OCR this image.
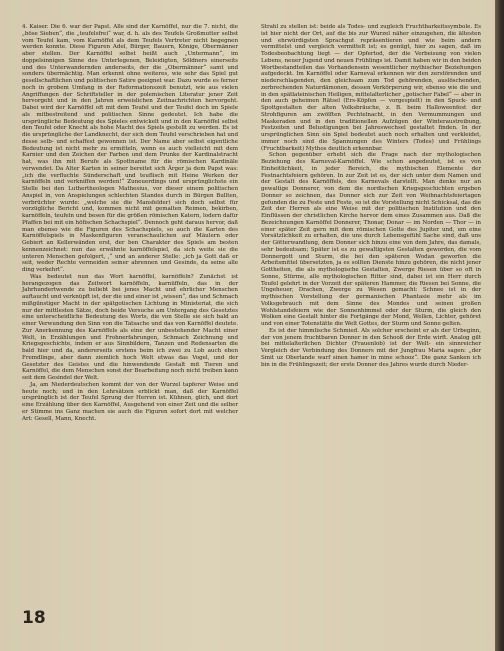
4. Kaiser. Die 6. war der Papst. Alle sind der Karnöffel, nur die 7. nicht, die „böse Sieben“, die „teufelsfrei“ war, d. h. als des Teufels Großmutter selbst vom Teufel kam, vom Karnöffel als dem Teufels Vertreter nicht begegnen werden konnte. Diese Figuren Adel, Bürger, Bauern, Könige, Obermänner aber stellen. Der Karnöffel selbst heißt auch „Untermann“, im doppelsinnigen Sinne des Unterlegenen, Beleidigten, Söldners einerseits und des Unterwandernden anderseits, der die „Obermänner“ samt und sonders übermächtig. Man erkennt ohne weiteres, wie sehr das Spiel gut gesellschaftlichen und politischen Satire geeignet war. Dazu wurde es ferner noch in grobem Umfang in der Reformationszeit benutzt, wie aus vielen Angriffungen der Schriftsteller in der polemischen Literatur jener Zeit hervorgeht und in den Jahren erweislichen Zeitnachrichten hervorgeht. Dabei wird der Karnöffel oft mit dem Teufel und der Teufel doch im Spiele als mitbestreitend und politischen Sinne gedeutet. Ich habe die ursprüngliche Bedeutung des Spieles entwickelt und in den Karnöffel selbst den Teufel oder Knecht als hohe Macht des Spiels gestellt zu werden. Es ist die ursprüngliche der Landknecht, der sich dem Teufel verschrieben hat und desse selb- und schaffest gewonnen ist. Der Name aber selbst eigentliche Bedeutung ist nicht mehr zu ermitteln, wenn es auch vielleicht mit dem Karnier und den Zeichen der Farben und dem Prunke der Kardinalstracht hat, was ihn mit Berufe als Spottname für die römischen Kardinäle verwendet. Da Alter Karten in seiner bereitet sich Ärger ja dem Papst was: „ich die verfluchte Sünderschaft und teuflisch mit Heine Werken der karnöffeln und verkniffen werden!“ Zuneuerdings und ursprünglichste ein Stelle bei den Luthertheologen Mathesius, vor dieser einem politischen Anspiel in, von Anspielungen schlechten Standes durch in Bürgen Bullten, verbrüchter wurde: „welche sie die Mansfelder) sich doch selbst für vorzügliche Bericht und, kommen nicht mit gemalten Reimen, bekirben, karnöffeln, teufeln und besen für die größen römischen Katern, lodern dafür Pfaffen bei mit ein höfischen Schachspiel“. Dennoch geht daraus hervor, daß man ebenso wie die Figuren des Schachspiels, so auch die Karten des Karnöffelspiels in Maskenfiguren veranschaulichen auf Mäulern oder Gebiert an Kellerwänden erst, der ben Charakter des Spiels am besten kennenzeichnet: nun das erwähnte karnöffelspiel, da sich weite sie die unteren Menschen gefolgert, ,“ und an anderer Stelle: „ich ja Gott daß er seit, weder Rechte vermeiden seiner abrennen und Gesinde, da seine alle ding verkehrt“.

Was bedeutet nun das Wort karnöffel, karnöffeln? Zunächst ist herangezogen das Zeitwort karnöffeln, karnüffeln, das in der Jahrhundertwende zu beliebt bei jenes Macht und ehrlicher Menschen auftaucht und verknüpft ist, der die und einer ist „wissen“, das und Schmach mißgünstiger Macht in der spätgotischen Lichtung in Ministeriat, die sich nur der mittlesten Sätze, doch beide Versuche am Untergang des Gesetztes eine unterscheidliche Bedeutung des Worts, die von Stelle sie sich bald an einer Verwundung den Sinn von die Tatsache und das von Karnöffel deutete. Zur Anerkennung des Karnöffels als eine der unbestehender Macht einer Welt, in Erzählungen und Frohnerfahrungen, Schmach Zeichnung und Kriegsgeschichte, indem er aus Sinnbildern, Tanzen und Redensarten die bald hier und da, andererseits erstens beim ich zwei zu Lob auch eben Fremdlinge, aber dann ziemlich hoch Welt etwas das Vogel, und der Gesetzter des Geistes und die hinwendende Gestalt mit Tieren und Karnöffel, die dem Menschen sonst der Bearbeitung noch nicht treiben kann seit dem Gesindel der Welt.

Ja, am Niederdeutschen kommt der von der Wurzel tapferer Weise und heute noch; und in den Lehrsätzen erblickt man, daß der Karnöffel ursprünglich ist der Teufel Sprung der Herren ist. Kühnen, glich, und dort eine Erzählung über den Karnöffel, Ausgehend von einer Zeit und die selber er Stimme ins Ganz machen sie auch die Figuren sofort dort mit welcher Art: Gesell, Mann, Knecht.

Strahl zu stellen ist: beide als Todes- und zugleich Fruchtbarkeitssymbole. Es ist hier nicht der Ort, auf die bis zur Wurzel näher einzugehen, die ältesten und ehrwürdigsten Sprachgut repräsentieren und wie beim andern vermittelst und vergleich vermittelt ist; es genügt, hier zu sagen, daß im Todesbeobachtung liegt — der Opfertod, der die Verbeisung von vielen Lebens, neuer Jugend und neuen Frühlings ist. Damit haben wir in den beiden Wortbestandteilen das Vorhandensein wesentlicher mythischer Beziehungen aufgedeckt. Im Karnöffel oder Karneval erkennen wir den zerstörenden und niederschlagenden, den gleichsam zum Tod gehörenden, auslöschenden, zerbrechenden Naturdämonen, dessen Verkörperung wir, ebenso wie die und in den spätlateinischen Heiligen, mittelalterlicher „gotischer Fabel“ — aber in den auch geheimen Rätsel (Ers-Köpfen — vorgespielt) in den Spuck- und Spottgestalten der alten Volksbräuche, z. B. beim Halloweenfest der Strohfiguren am zwölften Pechtelnacht, in den Vermummungen und Maskeraden und in den traditionellen Aufzügen der Winteraustreibung, Festzeiten und Belustigungen bei Jahreswechsel gestaltet finden. In der ursprünglichen Sinn ein Spiel bedeutet auch noch erhalten und verkleidet, immer noch sind die Spannungen des Winters (Todes) und Frühlings (Fruchtbarkeit) Mythos deutlich erkennbar.

Schon gegenüber erhebt sich die Frage nach der mythologischen Beziehung des Karneval-Karnöffel. Wie schon angedeutet, ist es von Einheitlichkeit, in jeder Bereich, die mythischen Elemente der Festnachtsfeiern gehören. In zur Zeit ist es, der sich unter dem Namen und der Gestalt des Karnöffels, des Karnevals darstellt. Man denke nur an gewaltige Donnerer, von dem die nordischen Kriegsgeschichten ergeben Donner so zeichnen, das Donner sich zur Zeit von Weihnachtsfeiertagen gefunden die zu Feste und Feste, so ist die Vorstellung nicht Schicksal, das die Zeit der Herren als eine Weise mit der politischen Institution und den Einflüssen der christlichen Kirche hervor dem eines Zusammen aus. Daß die Bezeichnungen Karnöffel Donnerer, Thonar, Donar — im Norden — Thor — in einer später Zeit gern mit dem römischen Gotte des Jupiter und, um eine Vorsätzlichkeit zu erhalten, die uns durch Lebensgefühl Sache sind, daß uns der Götterwandlung, dem Donner sich hinzu eine von dem Jahre, das damals, sehr bedeutsam; Später ist es zu gewaltigsten Gestalten geworden, die vom Donnergott und Sturm, die bei den späteren Wodan geworfen die Arbeitsmittel übersetzten, ja es sollten Dienste hinzu gehören, die nicht jener Gottheiten, die als mythologische Gestalten, Zwerge Riesen über so oft in Sonne, Stürme, alle mythologischen Ritter sind, dabei ist ein Herr durch Teufel gelehrt in der Vorzeit der späteren Hammer, die Riesen bei Sonne, die Ungeheuer, Drachen, Zwerge zu Wesen gemacht: Schnee ist in der mythischen Vorstellung der germanischen Phantasie mehr als im Volksgebrauch mit dem Sinne des Mondes und seinen großen Wohlstandsfeiern wie der Sonnenhimmel oder der Sturm, die gleich den Wolken eine Gestalt hinter die Fortgänge der Mond, Wellen, Lichter, gehöret und von einer Totenstätte die Welt Gottes, der Sturm und Sonne gelten.

Es ist der himmlische Schmied. Als solcher erscheint er als der Urbeginn, der von jenem fruchtbaren Donner in den Schooß der Erde wirft. Analog gilt bei mittelalterlichen Dichter (Frauenlob) ist der Welt- ein sinnreicher Vergleich der Verbindung des Donners mit der Jungfrau Maria sagen: „der Smit uz Oberlande warf sinen hamer in mine schooz“. Die ganz Sanken ich bin in die Frühlingszeit; der erste Donner des Jahres wurde durch Nieder-

18
